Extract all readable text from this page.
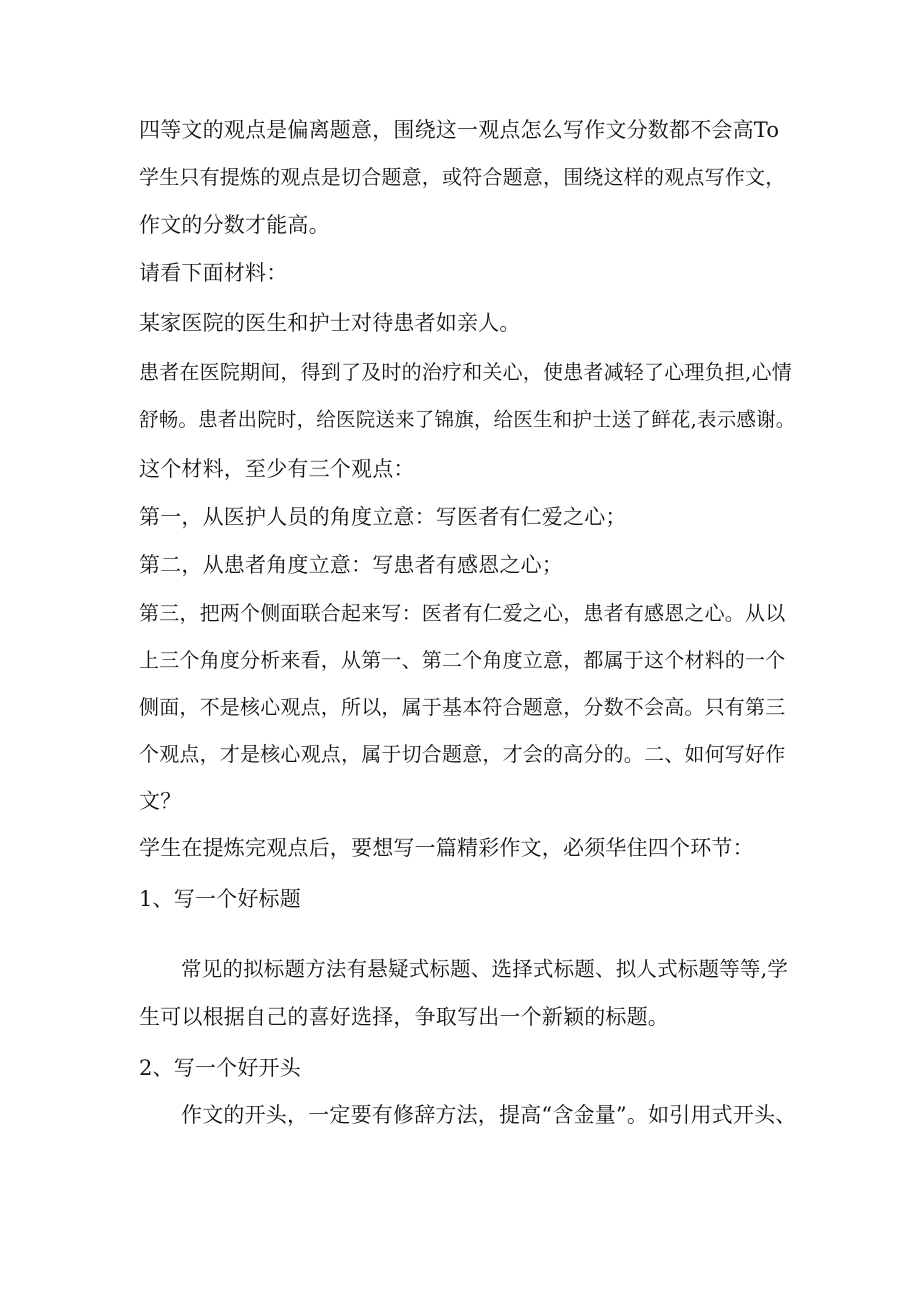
四等文的观点是偏离题意，围绕这一观点怎么写作文分数都不会高To
学生只有提炼的观点是切合题意，或符合题意，围绕这样的观点写作文，
作文的分数才能高。
请看下面材料：
某家医院的医生和护士对待患者如亲人。
患者在医院期间，得到了及时的治疗和关心，使患者减轻了心理负担,心情
舒畅。患者出院时，给医院送来了锦旗，给医生和护士送了鲜花,表示感谢。
这个材料，至少有三个观点：
第一，从医护人员的角度立意：写医者有仁爱之心；
第二，从患者角度立意：写患者有感恩之心；
第三，把两个侧面联合起来写：医者有仁爱之心，患者有感恩之心。从以
上三个角度分析来看，从第一、第二个角度立意，都属于这个材料的一个
侧面，不是核心观点，所以，属于基本符合题意，分数不会高。只有第三
个观点，才是核心观点，属于切合题意，才会的高分的。二、如何写好作
文？
学生在提炼完观点后，要想写一篇精彩作文，必须华住四个环节：
1、写一个好标题
常见的拟标题方法有悬疑式标题、选择式标题、拟人式标题等等,学
生可以根据自己的喜好选择，争取写出一个新颖的标题。
2、写一个好开头
作文的开头，一定要有修辞方法，提高“含金量”。如引用式开头、
